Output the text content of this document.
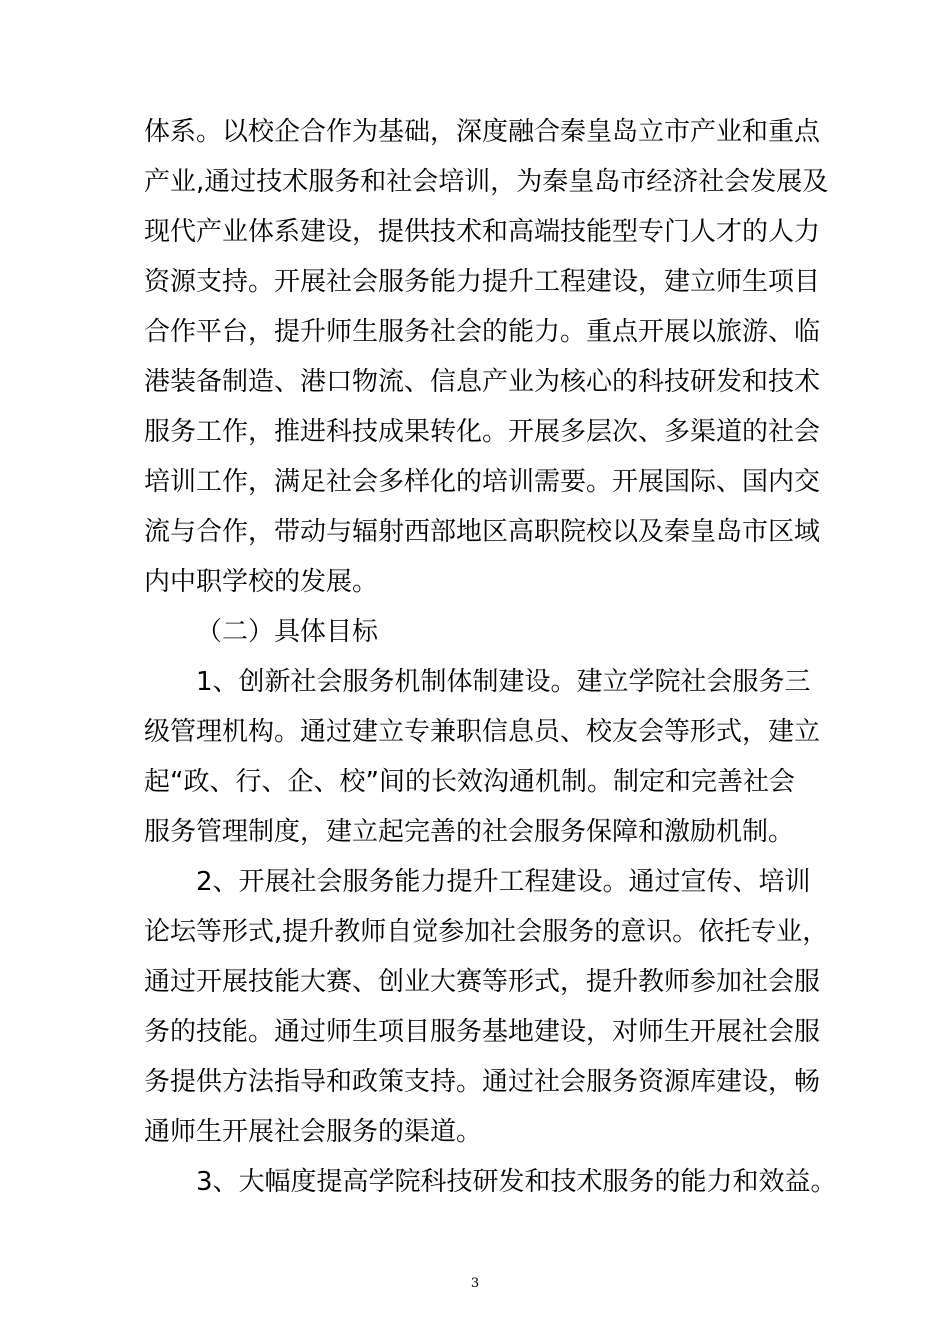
体系。以校企合作为基础，深度融合秦皇岛立市产业和重点
产业,通过技术服务和社会培训，为秦皇岛市经济社会发展及
现代产业体系建设，提供技术和高端技能型专门人才的人力
资源支持。开展社会服务能力提升工程建设，建立师生项目
合作平台，提升师生服务社会的能力。重点开展以旅游、临
港装备制造、港口物流、信息产业为核心的科技研发和技术
服务工作，推进科技成果转化。开展多层次、多渠道的社会
培训工作，满足社会多样化的培训需要。开展国际、国内交
流与合作，带动与辐射西部地区高职院校以及秦皇岛市区域
内中职学校的发展。
（二）具体目标
1、创新社会服务机制体制建设。建立学院社会服务三
级管理机构。通过建立专兼职信息员、校友会等形式，建立
起“政、行、企、校”间的长效沟通机制。制定和完善社会
服务管理制度，建立起完善的社会服务保障和激励机制。
2、开展社会服务能力提升工程建设。通过宣传、培训
论坛等形式,提升教师自觉参加社会服务的意识。依托专业，
通过开展技能大赛、创业大赛等形式，提升教师参加社会服
务的技能。通过师生项目服务基地建设，对师生开展社会服
务提供方法指导和政策支持。通过社会服务资源库建设，畅
通师生开展社会服务的渠道。
3、大幅度提高学院科技研发和技术服务的能力和效益。
3
